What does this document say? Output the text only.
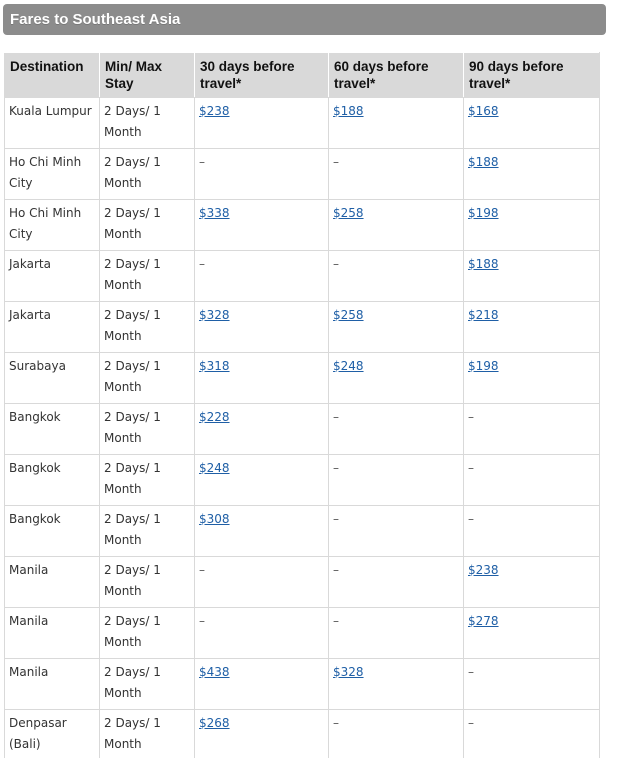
Fares to Southeast Asia
Destination	Min/ Max Stay	30 days before travel*	60 days before travel*	90 days before travel*
Kuala Lumpur	2 Days/ 1 Month	$238	$188	$168
Ho Chi Minh City	2 Days/ 1 Month	–	–	$188
Ho Chi Minh City	2 Days/ 1 Month	$338	$258	$198
Jakarta	2 Days/ 1 Month	–	–	$188
Jakarta	2 Days/ 1 Month	$328	$258	$218
Surabaya	2 Days/ 1 Month	$318	$248	$198
Bangkok	2 Days/ 1 Month	$228	–	–
Bangkok	2 Days/ 1 Month	$248	–	–
Bangkok	2 Days/ 1 Month	$308	–	–
Manila	2 Days/ 1 Month	–	–	$238
Manila	2 Days/ 1 Month	–	–	$278
Manila	2 Days/ 1 Month	$438	$328	–
Denpasar (Bali)	2 Days/ 1 Month	$268	–	–
